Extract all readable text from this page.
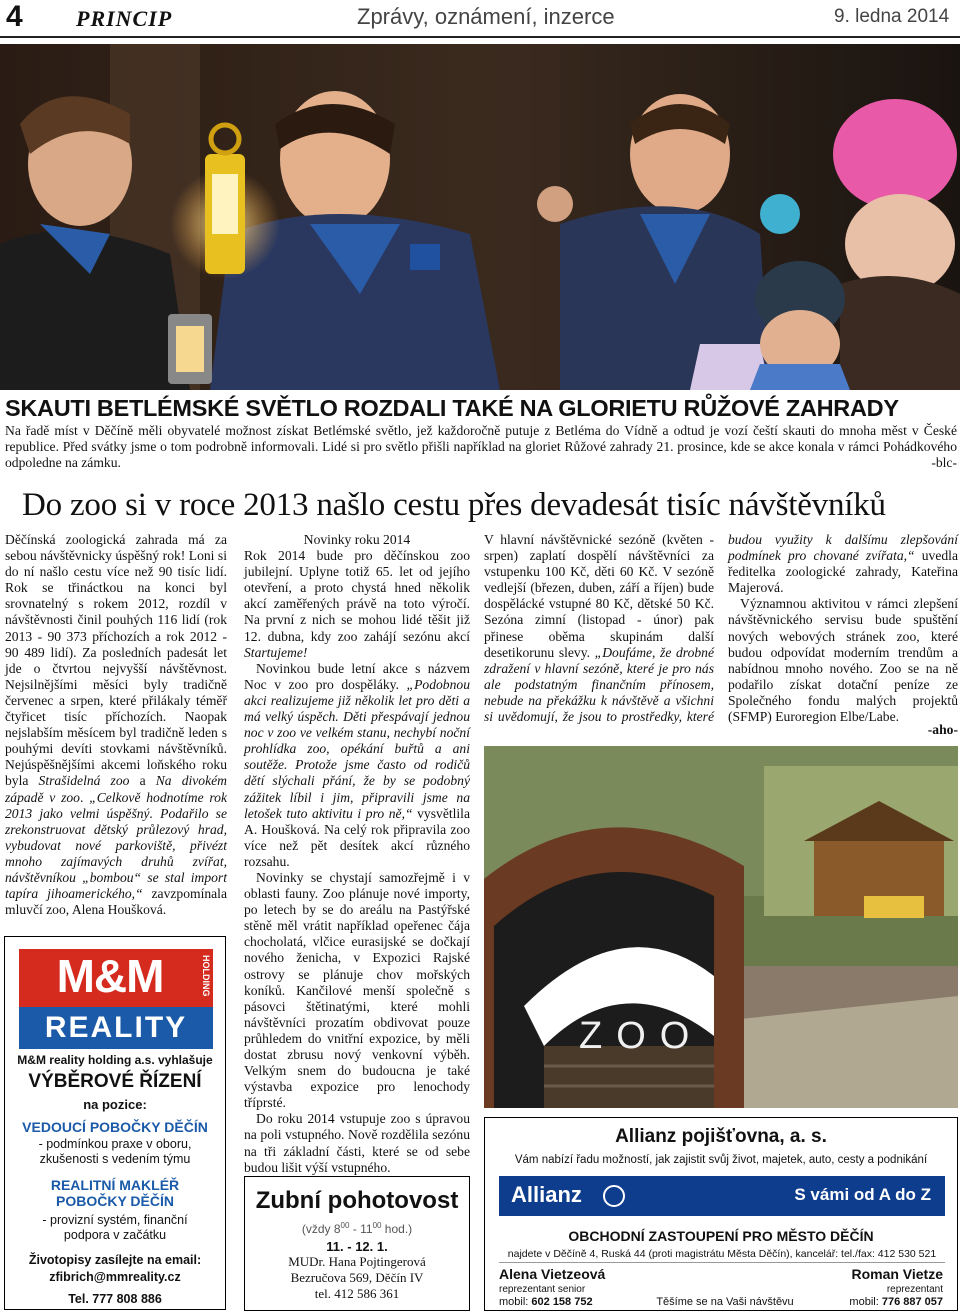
4 PRINCIP	Zprávy, oznámení, inzerce	9. ledna 2014
SKAUTI BETLÉMSKÉ SVĚTLO ROZDALI TAKÉ NA GLORIETU RŮŽOVÉ ZAHRADY
Na řadě míst v Děčíně měli obyvatelé možnost získat Betlémské světlo, jež každoročně putuje z Betléma do Vídně a odtud je vozí čeští skauti do mnoha měst v České republice. Před svátky jsme o tom podrobně informovali. Lidé si pro světlo přišli například na gloriet Růžové zahrady 21. prosince, kde se akce konala v rámci Pohádkového odpoledne na zámku.	-blc-
Do zoo si v roce 2013 našlo cestu přes devadesát tisíc návštěvníků

Děčínská zoologická zahrada má za sebou návštěvnicky úspěšný rok! Loni si do ní našlo cestu více než 90 tisíc lidí. Rok se třináctkou na konci byl srovnatelný s rokem 2012, rozdíl v návštěvnosti činil pouhých 116 lidí (rok 2013 - 90 373 příchozích a rok 2012 - 90 489 lidí). Za posledních padesát let jde o čtvrtou nejvyšší návštěvnost. Nejsilnějšími měsíci byly tradičně červenec a srpen, které přilákaly téměř čtyřicet tisíc příchozích. Naopak nejslabším měsícem byl tradičně leden s pouhými devíti stovkami návštěvníků. Nejúspěšnějšími akcemi loňského roku byla Strašidelná zoo a Na divokém západě v zoo. „Celkově hodnotíme rok 2013 jako velmi úspěšný. Podařilo se zrekonstruovat dětský průlezový hrad, vybudovat nové parkoviště, přivézt mnoho zajímavých druhů zvířat, návštěvníkou „bombou“ se stal import tapíra jihoamerického,“ zavzpomínala mluvčí zoo, Alena Houšková.

Novinky roku 2014

Rok 2014 bude pro děčínskou zoo jubilejní. Uplyne totiž 65. let od jejího otevření, a proto chystá hned několik akcí zaměřených právě na toto výročí. Na první z nich se mohou lidé těšit již 12. dubna, kdy zoo zahájí sezónu akcí Startujeme!

Novinkou bude letní akce s názvem Noc v zoo pro dospěláky. „Podobnou akci realizujeme již několik let pro děti a má velký úspěch. Děti přespávají jednou noc v zoo ve velkém stanu, nechybí noční prohlídka zoo, opékání buřtů a ani soutěže. Protože jsme často od rodičů dětí slýchali přání, že by se podobný zážitek líbil i jim, připravili jsme na letošek tuto aktivitu i pro ně,“ vysvětlila A. Houšková. Na celý rok připravila zoo více než pět desítek akcí různého rozsahu.

Novinky se chystají samozřejmě i v oblasti fauny. Zoo plánuje nové importy, po letech by se do areálu na Pastýřské stěně měl vrátit například opeřenec čája chocholatá, vlčice eurasijské se dočkají nového ženicha, v Expozici Rajské ostrovy se plánuje chov mořských koníků. Kančilové menší společně s pásovci štětinatými, které mohli návštěvníci prozatím obdivovat pouze průhledem do vnitřní expozice, by měli dostat zbrusu nový venkovní výběh. Velkým snem do budoucna je také výstavba expozice pro lenochody tříprsté.

Do roku 2014 vstupuje zoo s úpravou na poli vstupného. Nově rozdělila sezónu na tři základní části, které se od sebe budou lišit výší vstupného.

V hlavní návštěvnické sezóně (květen - srpen) zaplatí dospělí návštěvníci za vstupenku 100 Kč, děti 60 Kč. V sezóně vedlejší (březen, duben, září a říjen) bude dospělácké vstupné 80 Kč, dětské 50 Kč. Sezóna zimní (listopad - únor) pak přinese oběma skupinám další desetikorunu slevy. „Doufáme, že drobné zdražení v hlavní sezóně, které je pro nás ale podstatným finančním přínosem, nebude na překážku k návštěvě a všichni si uvědomují, že jsou to prostředky, které budou využity k dalšímu zlepšování podmínek pro chované zvířata,“ uvedla ředitelka zoologické zahrady, Kateřina Majerová.

Významnou aktivitou v rámci zlepšení návštěvnického servisu bude spuštění nových webových stránek zoo, které budou odpovídat moderním trendům a nabídnou mnoho nového. Zoo se na ně podařilo získat dotační peníze ze Společného fondu malých projektů (SFMP) Euroregion Elbe/Labe.

-aho-
ZOO
M&M	HOLDING
REALITY
M&M reality holding a.s. vyhlašuje
VÝBĚROVÉ ŘÍZENÍ
na pozice:
VEDOUCÍ POBOČKY DĚČÍN
- podmínkou praxe v oboru, zkušenosti s vedením týmu
REALITNÍ MAKLÉŘ POBOČKY DĚČÍN
- provizní systém, finanční podpora v začátku
Životopisy zasílejte na email:
zfibrich@mmreality.cz
Tel. 777 808 886
Zubní pohotovost
(vždy $8^{00} - 11^{00}$ hod.)
11. - 12. 1.
MUDr. Hana Pojtingerová
Bezručova 569, Děčín IV
tel. 412 586 361
Allianz pojišťovna, a. s.
Vám nabízí řadu možností, jak zajistit svůj život, majetek, auto, cesty a podnikání
Allianz	S vámi od A do Z
OBCHODNÍ ZASTOUPENÍ PRO MĚSTO DĚČÍN
najdete v Děčíně 4, Ruská 44 (proti magistrátu Města Děčín), kancelář: tel./fax: 412 530 521
Alena Vietzeová
reprezentant senior
mobil: 602 158 752	Těšíme se na Vaši návštěvu
Roman Vietze
reprezentant
mobil: 776 887 057
